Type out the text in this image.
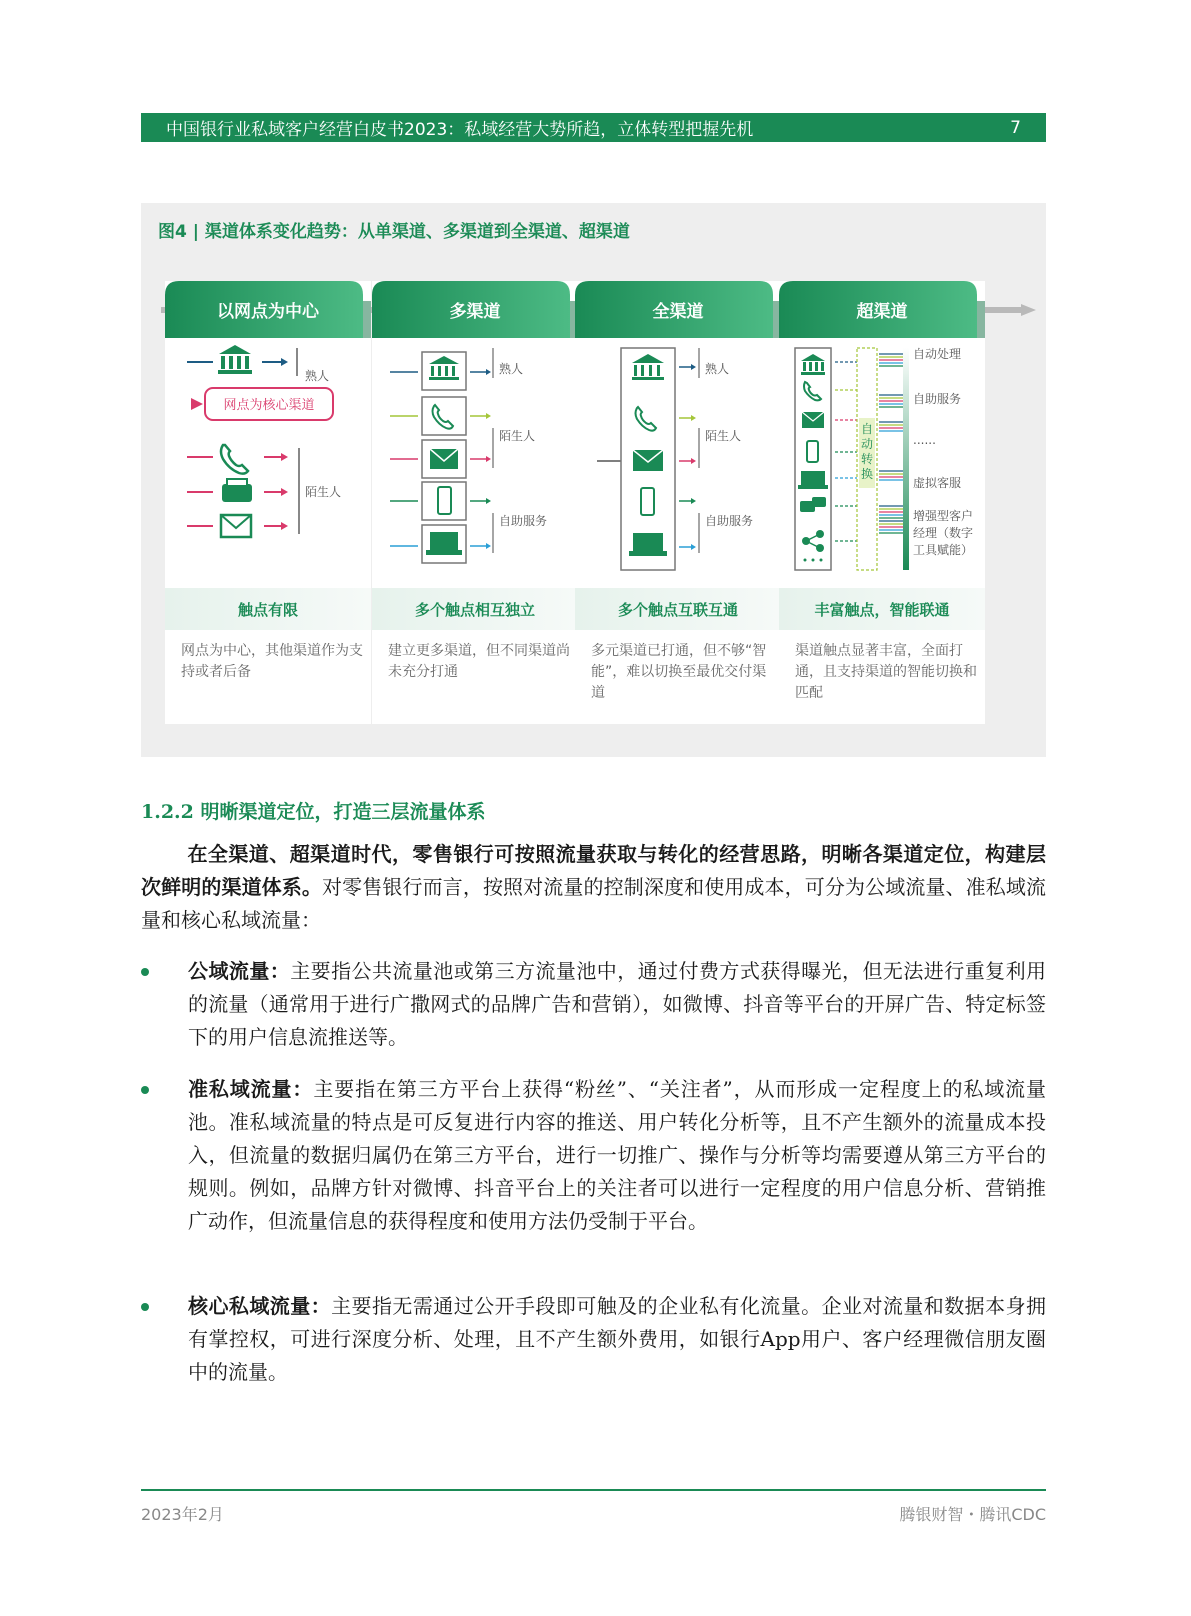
中国银行业私域客户经营白皮书2023：私域经营大势所趋，立体转型把握先机	7
图4 | 渠道体系变化趋势：从单渠道、多渠道到全渠道、超渠道
以网点为中心
网点为核心渠道
熟人
陌生人
触点有限
网点为中心，其他渠道作为支持或者后备
多渠道
熟人
陌生人
自助服务
多个触点相互独立
建立更多渠道，但不同渠道尚未充分打通
全渠道
熟人
陌生人
自助服务
多个触点互联互通
多元渠道已打通，但不够“智能”，难以切换至最优交付渠道
超渠道
自
动
转
换
自动处理
自助服务
......
虚拟客服
增强型客户
经理（数字
工具赋能）
丰富触点，智能联通
渠道触点显著丰富，全面打通，且支持渠道的智能切换和匹配
1.2.2 明晰渠道定位，打造三层流量体系
在全渠道、超渠道时代，零售银行可按照流量获取与转化的经营思路，明晰各渠道定位，构建层次鲜明的渠道体系。对零售银行而言，按照对流量的控制深度和使用成本，可分为公域流量、准私域流量和核心私域流量：
公域流量：主要指公共流量池或第三方流量池中，通过付费方式获得曝光，但无法进行重复利用的流量（通常用于进行广撒网式的品牌广告和营销），如微博、抖音等平台的开屏广告、特定标签下的用户信息流推送等。
准私域流量：主要指在第三方平台上获得“粉丝”、“关注者”，从而形成一定程度上的私域流量池。准私域流量的特点是可反复进行内容的推送、用户转化分析等，且不产生额外的流量成本投入，但流量的数据归属仍在第三方平台，进行一切推广、操作与分析等均需要遵从第三方平台的规则。例如，品牌方针对微博、抖音平台上的关注者可以进行一定程度的用户信息分析、营销推广动作，但流量信息的获得程度和使用方法仍受制于平台。
核心私域流量：主要指无需通过公开手段即可触及的企业私有化流量。企业对流量和数据本身拥有掌控权，可进行深度分析、处理，且不产生额外费用，如银行App用户、客户经理微信朋友圈中的流量。
2023年2月	腾银财智・腾讯CDC
